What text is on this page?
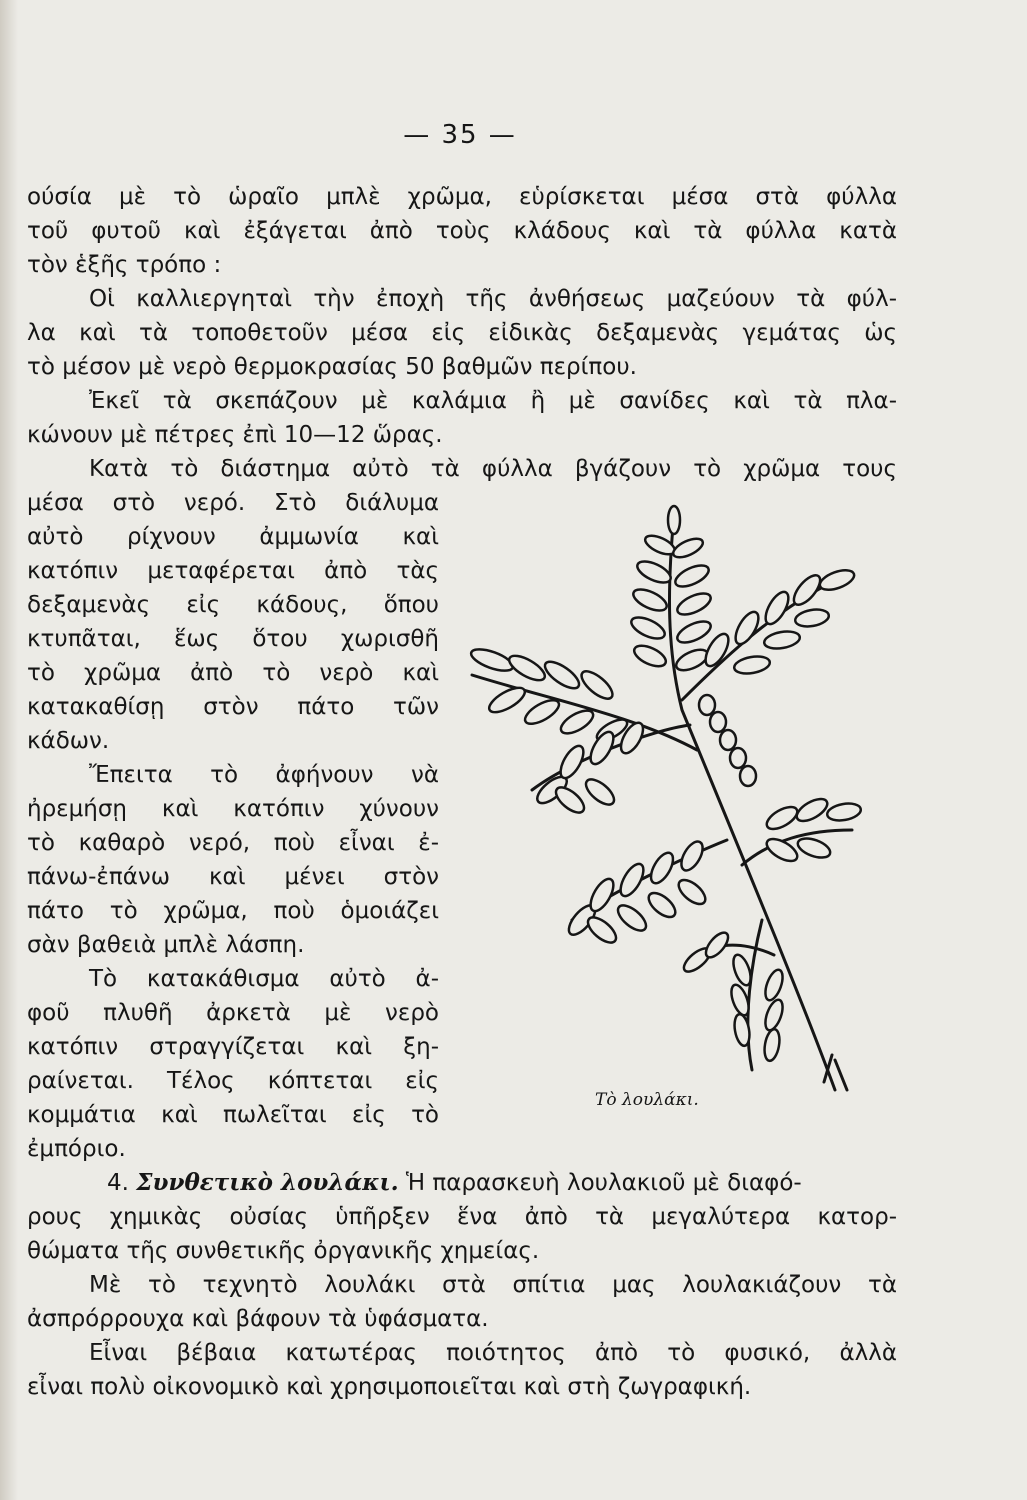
— 35 —
ούσία μὲ τὸ ὡραῖο μπλὲ χρῶμα, εὑρίσκεται μέσα στὰ φύλλα
τοῦ φυτοῦ καὶ ἐξάγεται ἀπὸ τοὺς κλάδους καὶ τὰ φύλλα κατὰ
τὸν ἑξῆς τρόπο :
Οἱ καλλιεργηταὶ τὴν ἐποχὴ τῆς ἀνθήσεως μαζεύουν τὰ φύλ-
λα καὶ τὰ τοποθετοῦν μέσα εἰς εἰδικὰς δεξαμενὰς γεμάτας ὡς
τὸ μέσον μὲ νερὸ θερμοκρασίας 50 βαθμῶν περίπου.
Ἐκεῖ τὰ σκεπάζουν μὲ καλάμια ἢ μὲ σανίδες καὶ τὰ πλα-
κώνουν μὲ πέτρες ἐπὶ 10—12 ὥρας.
Κατὰ τὸ διάστημα αὐτὸ τὰ φύλλα βγάζουν τὸ χρῶμα τους
μέσα στὸ νερό. Στὸ διάλυμα
αὐτὸ ρίχνουν ἀμμωνία καὶ
κατόπιν μεταφέρεται ἀπὸ τὰς
δεξαμενὰς εἰς κάδους, ὅπου
κτυπᾶται, ἕως ὅτου χωρισθῆ
τὸ χρῶμα ἀπὸ τὸ νερὸ καὶ
κατακαθίσῃ στὸν πάτο τῶν
κάδων.
Ἔπειτα τὸ ἀφήνουν νὰ
ἠρεμήσῃ καὶ κατόπιν χύνουν
τὸ καθαρὸ νερό, ποὺ εἶναι ἐ-
πάνω-ἐπάνω καὶ μένει στὸν
πάτο τὸ χρῶμα, ποὺ ὁμοιάζει
σὰν βαθειὰ μπλὲ λάσπη.
Τὸ κατακάθισμα αὐτὸ ἀ-
φοῦ πλυθῆ ἀρκετὰ μὲ νερὸ
κατόπιν στραγγίζεται καὶ ξη-
ραίνεται. Τέλος κόπτεται εἰς
κομμάτια καὶ πωλεῖται εἰς τὸ
ἐμπόριο.
4. Συνθετικὸ λουλάκι. Ἡ παρασκευὴ λουλακιοῦ μὲ διαφό-
ρους χημικὰς οὐσίας ὑπῆρξεν ἕνα ἀπὸ τὰ μεγαλύτερα κατορ-
θώματα τῆς συνθετικῆς ὀργανικῆς χημείας.
Μὲ τὸ τεχνητὸ λουλάκι στὰ σπίτια μας λουλακιάζουν τὰ
ἀσπρόρρουχα καὶ βάφουν τὰ ὑφάσματα.
Εἶναι βέβαια κατωτέρας ποιότητος ἀπὸ τὸ φυσικό, ἀλλὰ
εἶναι πολὺ οἰκονομικὸ καὶ χρησιμοποιεῖται καὶ στὴ ζωγραφική.
Τὸ λουλάκι.
